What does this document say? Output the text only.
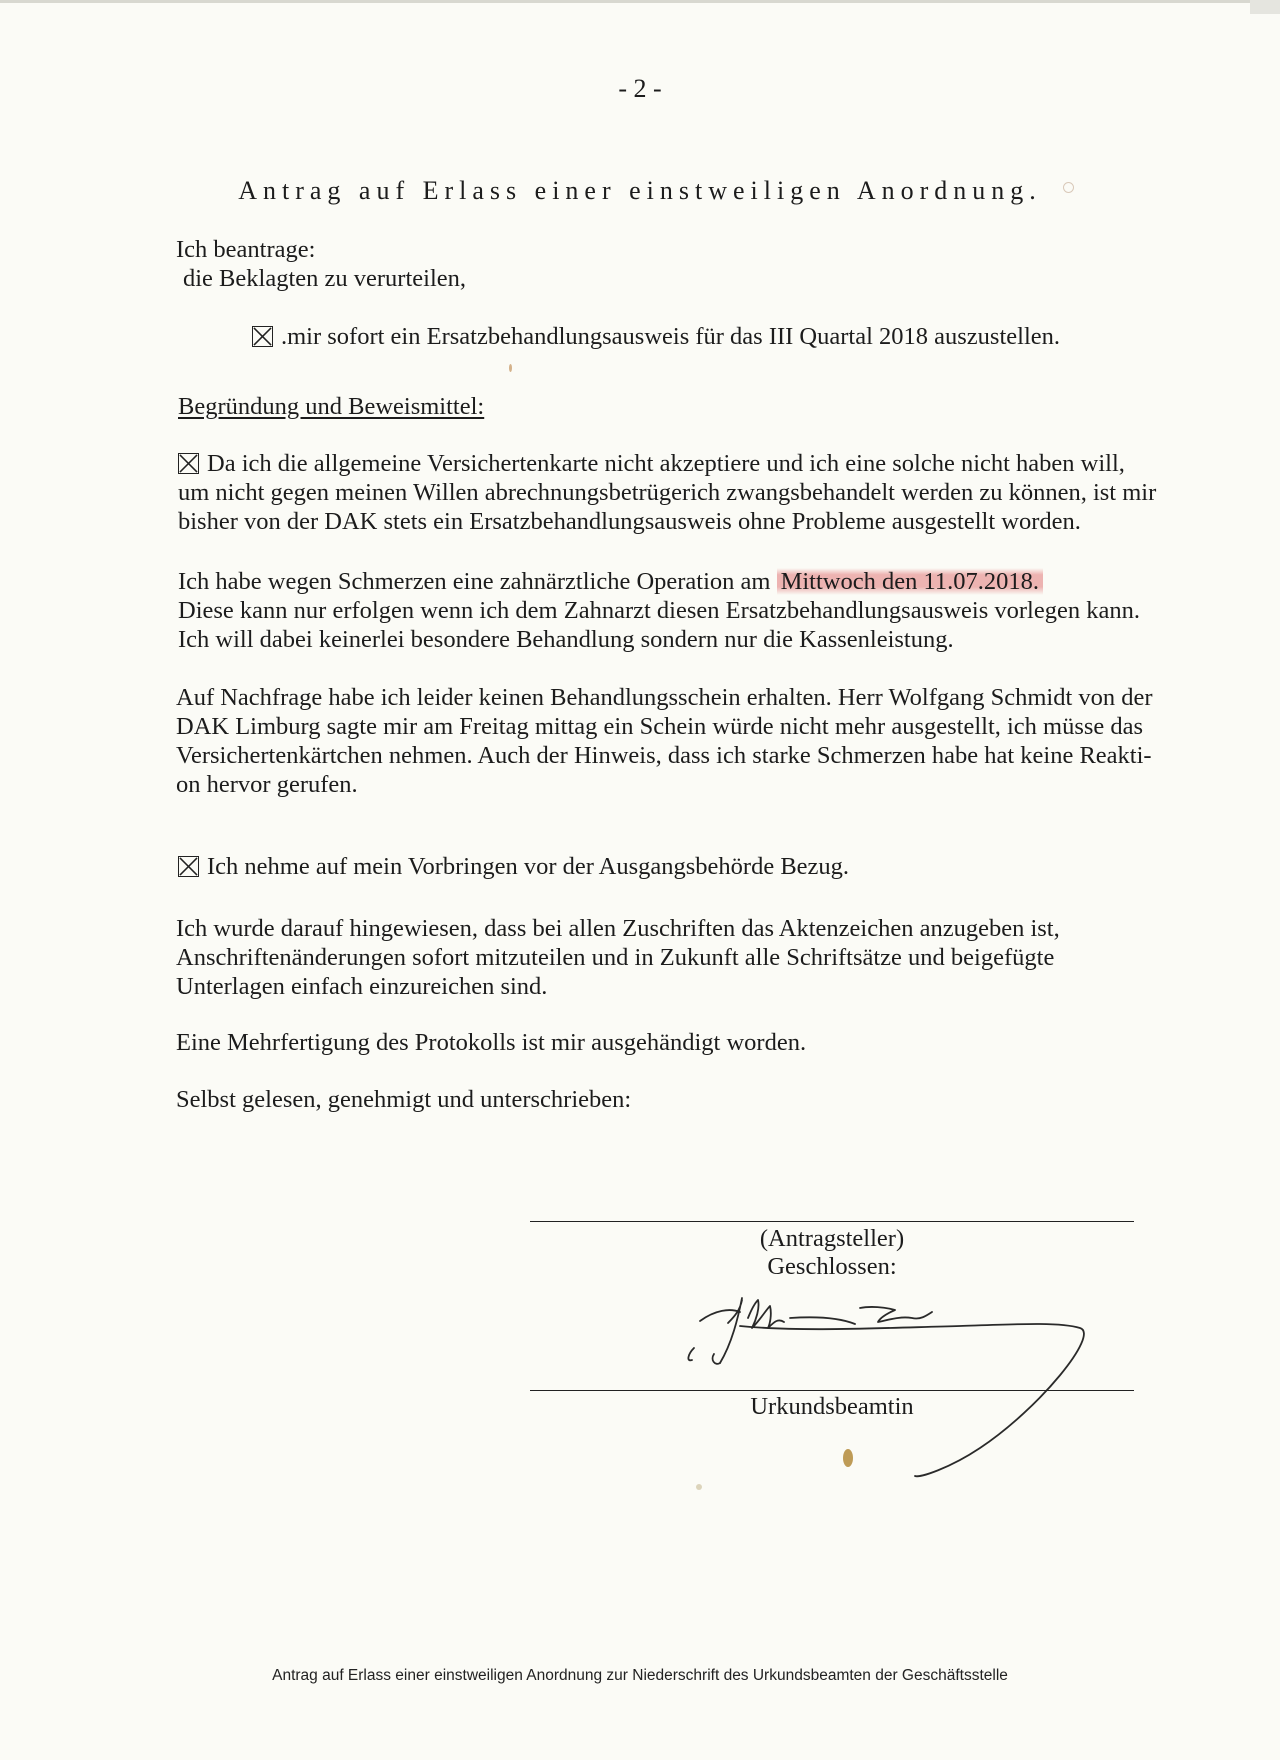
- 2 -
Antrag auf Erlass einer einstweiligen Anordnung.
Ich beantrage:
die Beklagten zu verurteilen,
.mir sofort ein Ersatzbehandlungsausweis für das III Quartal 2018 auszustellen.
Begründung und Beweismittel:
Da ich die allgemeine Versichertenkarte nicht akzeptiere und ich eine solche nicht haben will,
um nicht gegen meinen Willen abrechnungsbetrügerich zwangsbehandelt werden zu können, ist mir
bisher von der DAK stets ein Ersatzbehandlungsausweis ohne Probleme ausgestellt worden.
Ich habe wegen Schmerzen eine zahnärztliche Operation am Mittwoch den 11.07.2018.
Diese kann nur erfolgen wenn ich dem Zahnarzt diesen Ersatzbehandlungsausweis vorlegen kann.
Ich will dabei keinerlei besondere Behandlung sondern nur die Kassenleistung.
Auf Nachfrage habe ich leider keinen Behandlungsschein erhalten. Herr Wolfgang Schmidt von der
DAK Limburg sagte mir am Freitag mittag ein Schein würde nicht mehr ausgestellt, ich müsse das
Versichertenkärtchen nehmen. Auch der Hinweis, dass ich starke Schmerzen habe hat keine Reakti-
on hervor gerufen.
Ich nehme auf mein Vorbringen vor der Ausgangsbehörde Bezug.
Ich wurde darauf hingewiesen, dass bei allen Zuschriften das Aktenzeichen anzugeben ist,
Anschriftenänderungen sofort mitzuteilen und in Zukunft alle Schriftsätze und beigefügte
Unterlagen einfach einzureichen sind.
Eine Mehrfertigung des Protokolls ist mir ausgehändigt worden.
Selbst gelesen, genehmigt und unterschrieben:
(Antragsteller)
Geschlossen:
Urkundsbeamtin
Antrag auf Erlass einer einstweiligen Anordnung zur Niederschrift des Urkundsbeamten der Geschäftsstelle
